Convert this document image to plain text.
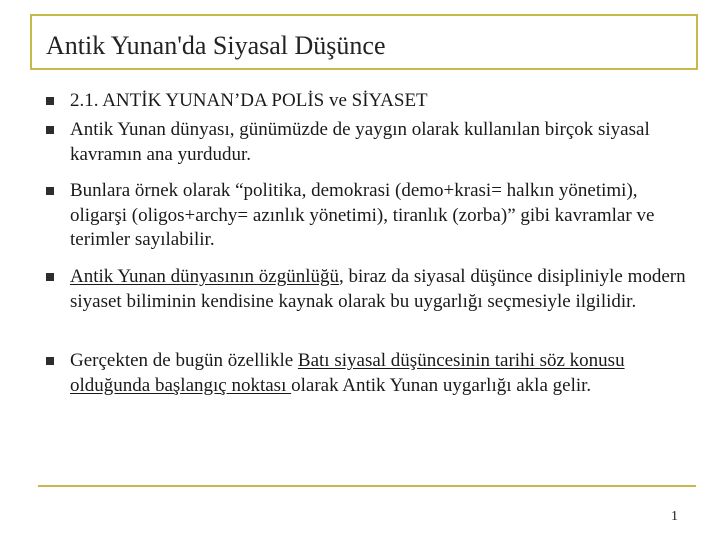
Antik Yunan'da Siyasal Düşünce
2.1. ANTİK YUNAN’DA POLİS ve SİYASET
Antik Yunan dünyası, günümüzde de yaygın olarak kullanılan birçok siyasal kavramın ana yurdudur.
Bunlara örnek olarak “politika, demokrasi (demo+krasi= halkın yönetimi), oligarşi (oligos+archy= azınlık yönetimi), tiranlık (zorba)” gibi kavramlar ve terimler sayılabilir.
Antik Yunan dünyasının özgünlüğü, biraz da siyasal düşünce disipliniyle modern siyaset biliminin kendisine kaynak olarak bu uygarlığı seçmesiyle ilgilidir.
Gerçekten de bugün özellikle Batı siyasal düşüncesinin tarihi söz konusu olduğunda başlangıç noktası olarak Antik Yunan uygarlığı akla gelir.
1
